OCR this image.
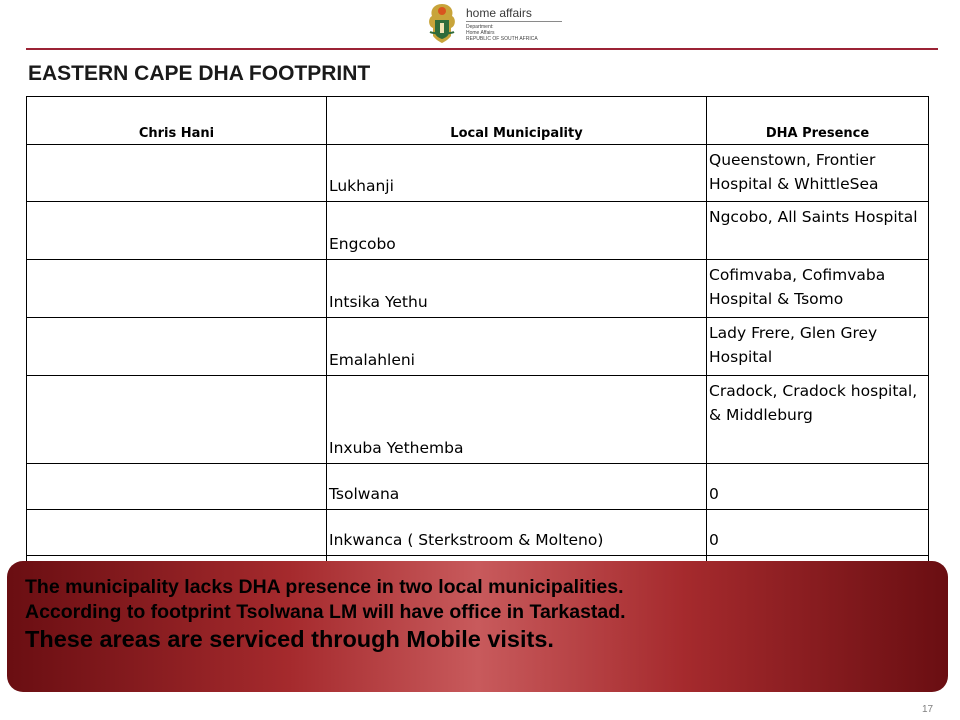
home affairs
Department:
Home Affairs
REPUBLIC OF SOUTH AFRICA
EASTERN CAPE DHA FOOTPRINT
Chris Hani	Local Municipality	DHA Presence
	Lukhanji	Queenstown, Frontier Hospital & WhittleSea
	Engcobo	Ngcobo, All Saints Hospital
	Intsika Yethu	Cofimvaba, Cofimvaba Hospital & Tsomo
	Emalahleni	Lady Frere, Glen Grey Hospital
	Inxuba Yethemba	Cradock, Cradock hospital, & Middleburg
	Tsolwana	0
	Inkwanca ( Sterkstroom & Molteno)	0

The municipality lacks DHA presence in two local municipalities.

According to footprint Tsolwana LM will have office in Tarkastad.

These areas are serviced through Mobile visits.

17
